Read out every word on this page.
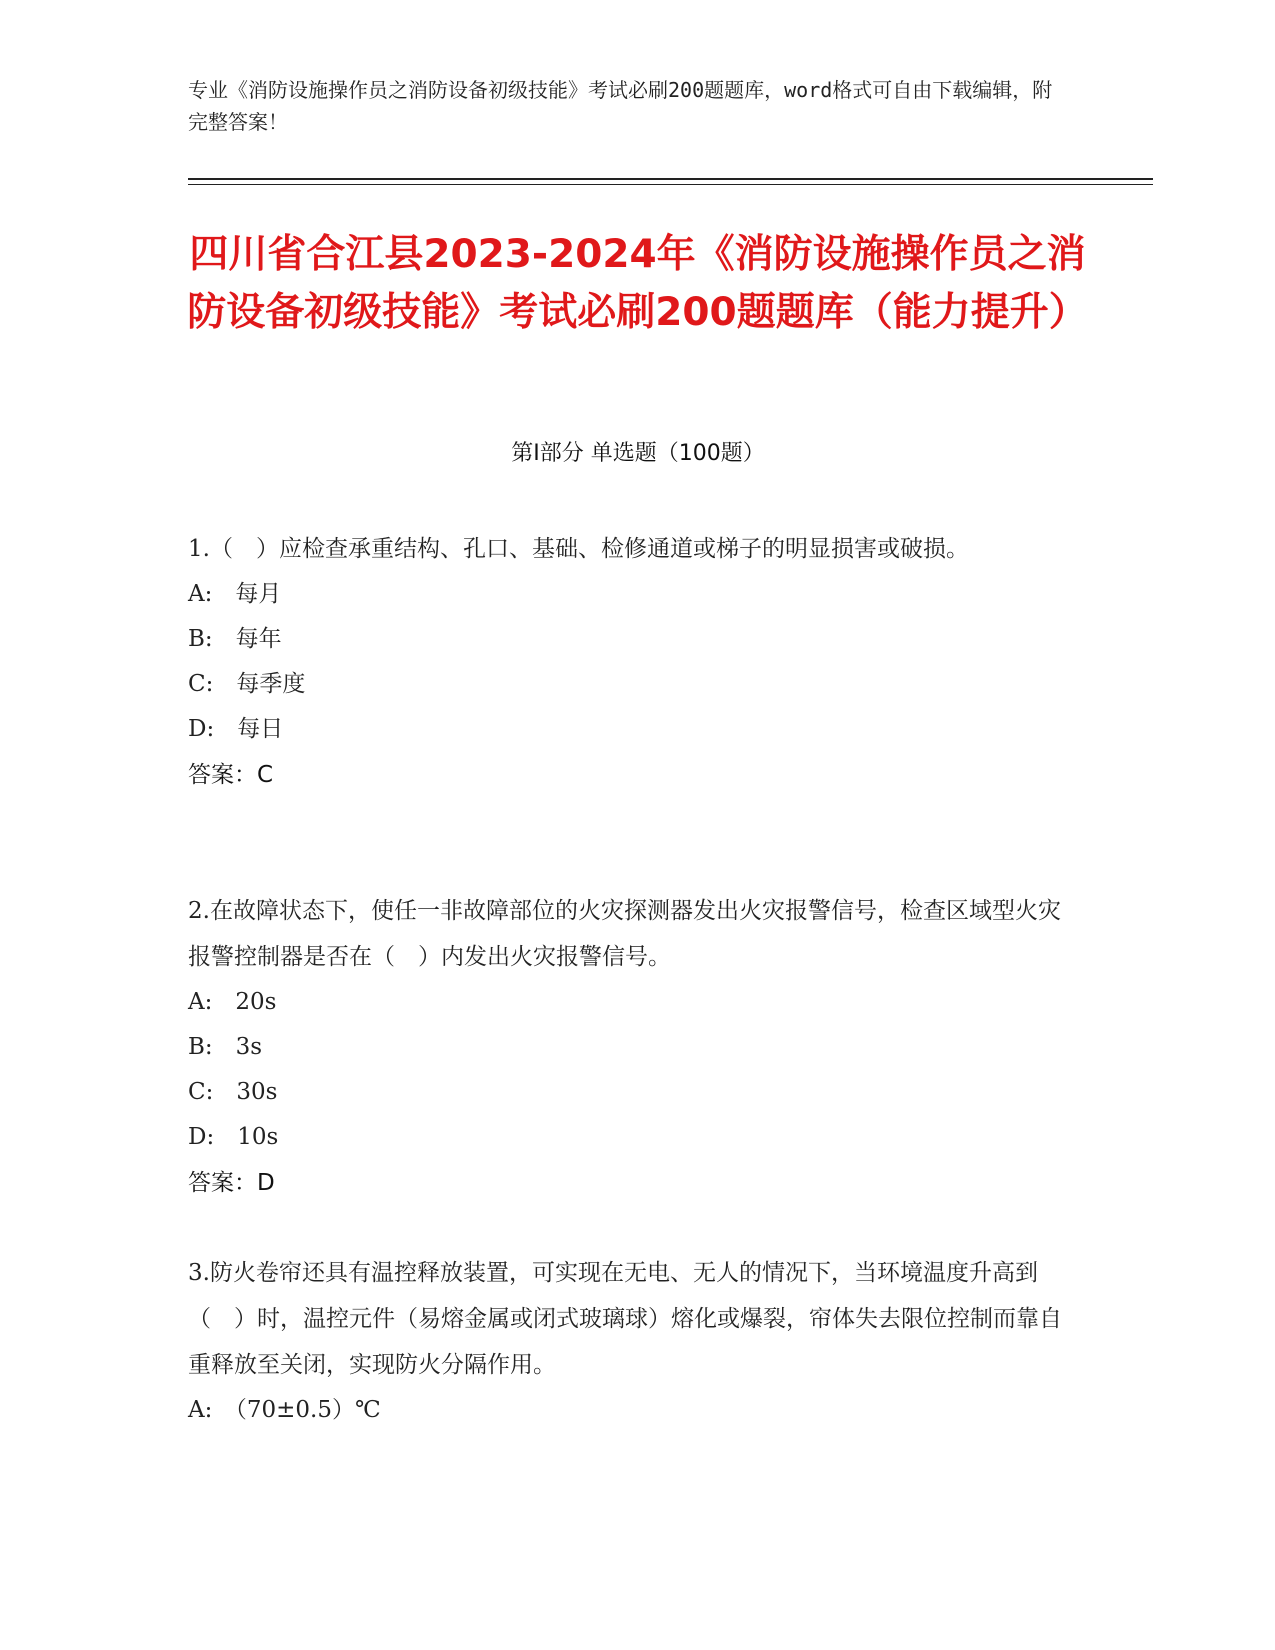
专业《消防设施操作员之消防设备初级技能》考试必刷200题题库，word格式可自由下载编辑，附完整答案！
四川省合江县2023-2024年《消防设施操作员之消防设备初级技能》考试必刷200题题库（能力提升）
第Ⅰ部分 单选题（100题）

1.（　）应检查承重结构、孔口、基础、检修通道或梯子的明显损害或破损。

A:　每月

B:　每年

C:　每季度

D:　每日

答案：C

2.在故障状态下，使任一非故障部位的火灾探测器发出火灾报警信号，检查区域型火灾报警控制器是否在（　）内发出火灾报警信号。

A:　20s

B:　3s

C:　30s

D:　10s

答案：D

3.防火卷帘还具有温控释放装置，可实现在无电、无人的情况下，当环境温度升高到（　）时，温控元件（易熔金属或闭式玻璃球）熔化或爆裂，帘体失去限位控制而靠自重释放至关闭，实现防火分隔作用。

A:　（70±0.5）℃
